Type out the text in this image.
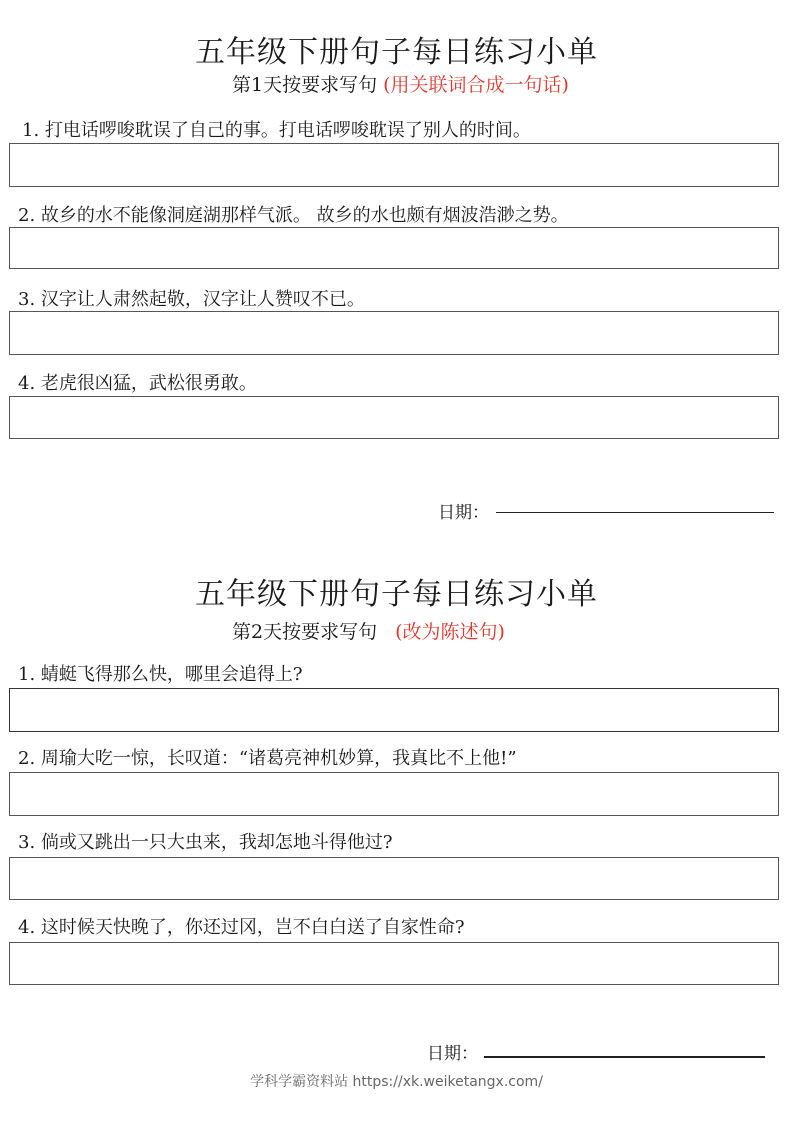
五年级下册句子每日练习小单
第1天按要求写句 (用关联词合成一句话)
1. 打电话啰唆耽误了自己的事。打电话啰唆耽误了别人的时间。
2. 故乡的水不能像洞庭湖那样气派。 故乡的水也颇有烟波浩渺之势。
3. 汉字让人肃然起敬，汉字让人赞叹不已。
4. 老虎很凶猛，武松很勇敢。
日期：
五年级下册句子每日练习小单
第2天按要求写句 (改为陈述句)
1. 蜻蜓飞得那么快，哪里会追得上?
2. 周瑜大吃一惊，长叹道：“诸葛亮神机妙算，我真比不上他!”
3. 倘或又跳出一只大虫来，我却怎地斗得他过?
4. 这时候天快晚了，你还过冈，岂不白白送了自家性命?
日期：
学科学霸资料站 https://xk.weiketangx.com/
